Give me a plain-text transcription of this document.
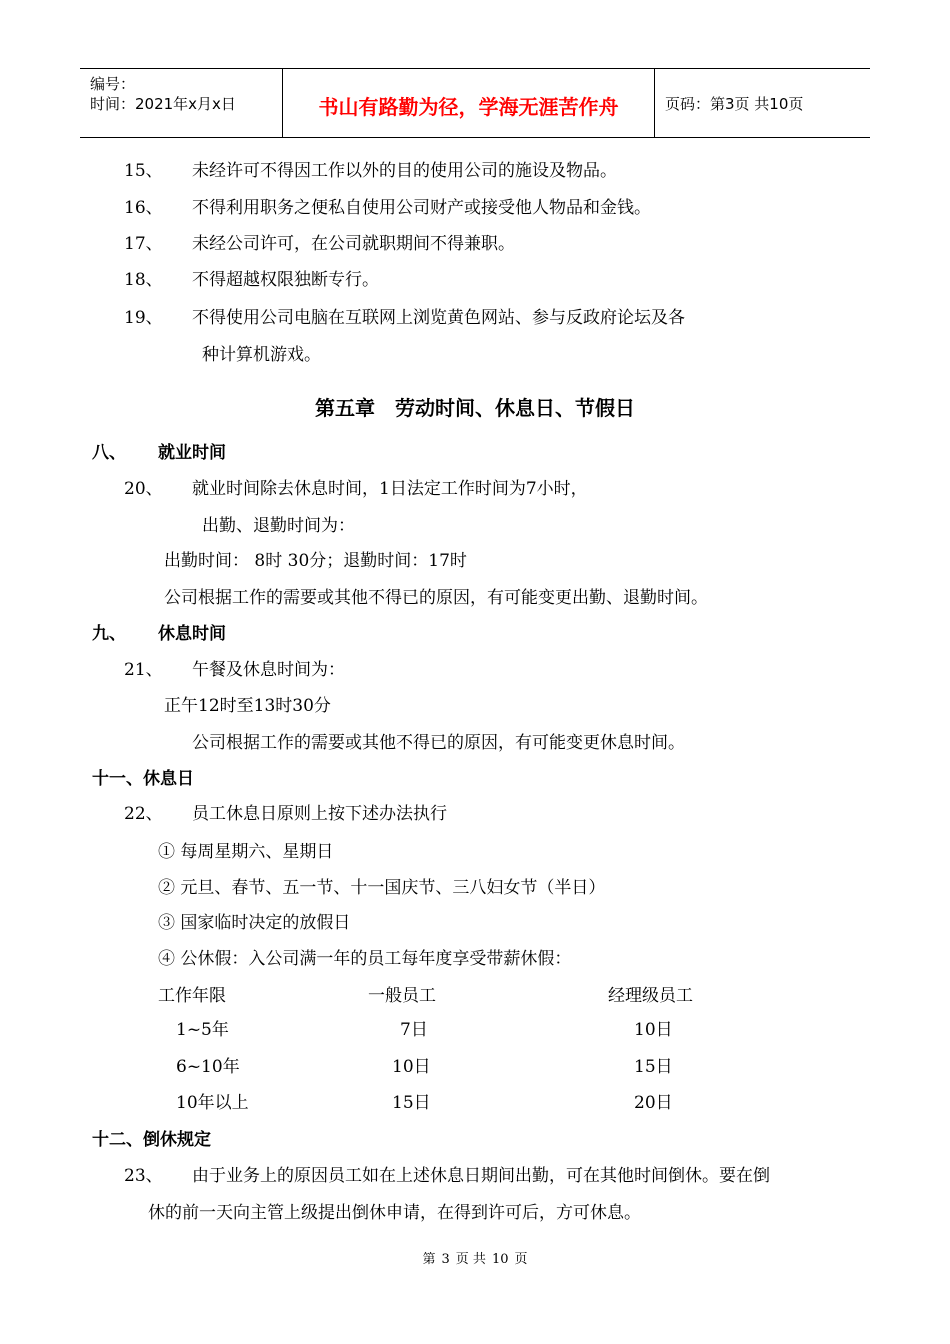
编号：
时间：2021年x月x日	书山有路勤为径，学海无涯苦作舟	页码：第3页 共10页
15、 未经许可不得因工作以外的目的使用公司的施设及物品。
16、 不得利用职务之便私自使用公司财产或接受他人物品和金钱。
17、 未经公司许可，在公司就职期间不得兼职。
18、 不得超越权限独断专行。
19、 不得使用公司电脑在互联网上浏览黄色网站、参与反政府论坛及各
种计算机游戏。
第五章　劳动时间、休息日、节假日
八、 就业时间
20、 就业时间除去休息时间，1日法定工作时间为7小时，
出勤、退勤时间为：
出勤时间： 8时 30分；退勤时间：17时
公司根据工作的需要或其他不得已的原因，有可能变更出勤、退勤时间。
九、 休息时间
21、 午餐及休息时间为：
正午12时至13时30分
公司根据工作的需要或其他不得已的原因，有可能变更休息时间。
十一、休息日
22、 员工休息日原则上按下述办法执行
① 每周星期六、星期日
② 元旦、春节、五一节、十一国庆节、三八妇女节（半日）
③ 国家临时决定的放假日
④ 公休假：入公司满一年的员工每年度享受带薪休假：
工作年限	一般员工	经理级员工
1~5年	7日	10日
6~10年	10日	15日
10年以上	15日	20日
十二、倒休规定
23、 由于业务上的原因员工如在上述休息日期间出勤，可在其他时间倒休。要在倒
休的前一天向主管上级提出倒休申请，在得到许可后，方可休息。
第 3 页 共 10 页
